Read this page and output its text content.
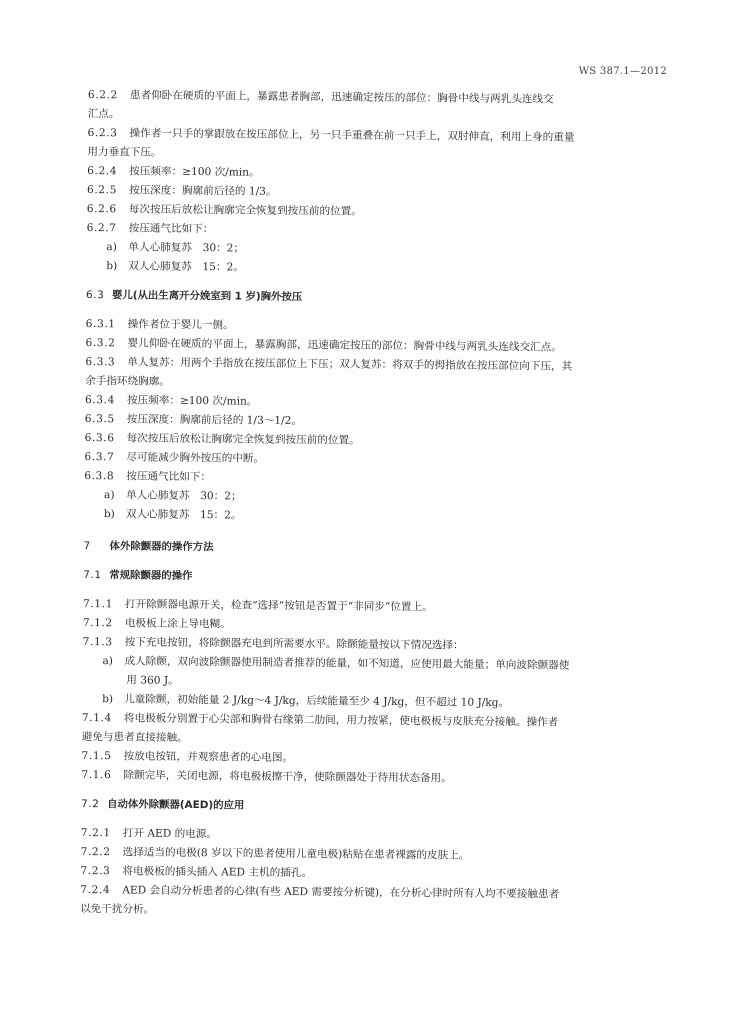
WS 387.1—2012
6.2.2 患者仰卧在硬质的平面上，暴露患者胸部，迅速确定按压的部位：胸骨中线与两乳头连线交
汇点。
6.2.3 操作者一只手的掌跟放在按压部位上，另一只手重叠在前一只手上，双肘伸直，利用上身的重量
用力垂直下压。
6.2.4 按压频率：≥100 次/min。
6.2.5 按压深度：胸廓前后径的 1/3。
6.2.6 每次按压后放松让胸廓完全恢复到按压前的位置。
6.2.7 按压通气比如下：
a) 单人心肺复苏　30：2；
b) 双人心肺复苏　15：2。
6.3 婴儿(从出生离开分娩室到 1 岁)胸外按压
6.3.1 操作者位于婴儿一侧。
6.3.2 婴儿仰卧在硬质的平面上，暴露胸部，迅速确定按压的部位：胸骨中线与两乳头连线交汇点。
6.3.3 单人复苏：用两个手指放在按压部位上下压；双人复苏：将双手的拇指放在按压部位向下压，其
余手指环绕胸廓。
6.3.4 按压频率：≥100 次/min。
6.3.5 按压深度：胸廓前后径的 1/3～1/2。
6.3.6 每次按压后放松让胸廓完全恢复到按压前的位置。
6.3.7 尽可能减少胸外按压的中断。
6.3.8 按压通气比如下：
a) 单人心肺复苏　30：2；
b) 双人心肺复苏　15：2。
7 体外除颤器的操作方法
7.1 常规除颤器的操作
7.1.1 打开除颤器电源开关，检查“选择”按钮是否置于“非同步”位置上。
7.1.2 电极板上涂上导电糊。
7.1.3 按下充电按钮，将除颤器充电到所需要水平。除颤能量按以下情况选择：
a) 成人除颤，双向波除颤器使用制造者推荐的能量，如不知道，应使用最大能量；单向波除颤器使
用 360 J。
b) 儿童除颤，初始能量 2 J/kg～4 J/kg，后续能量至少 4 J/kg，但不超过 10 J/kg。
7.1.4 将电极板分别置于心尖部和胸骨右缘第二肋间，用力按紧，使电极板与皮肤充分接触。操作者
避免与患者直接接触。
7.1.5 按放电按钮，并观察患者的心电图。
7.1.6 除颤完毕，关闭电源，将电极板擦干净，使除颤器处于待用状态备用。
7.2 自动体外除颤器(AED)的应用
7.2.1 打开 AED 的电源。
7.2.2 选择适当的电极(8 岁以下的患者使用儿童电极)粘贴在患者裸露的皮肤上。
7.2.3 将电极板的插头插入 AED 主机的插孔。
7.2.4 AED 会自动分析患者的心律(有些 AED 需要按分析键)，在分析心律时所有人均不要接触患者
以免干扰分析。
